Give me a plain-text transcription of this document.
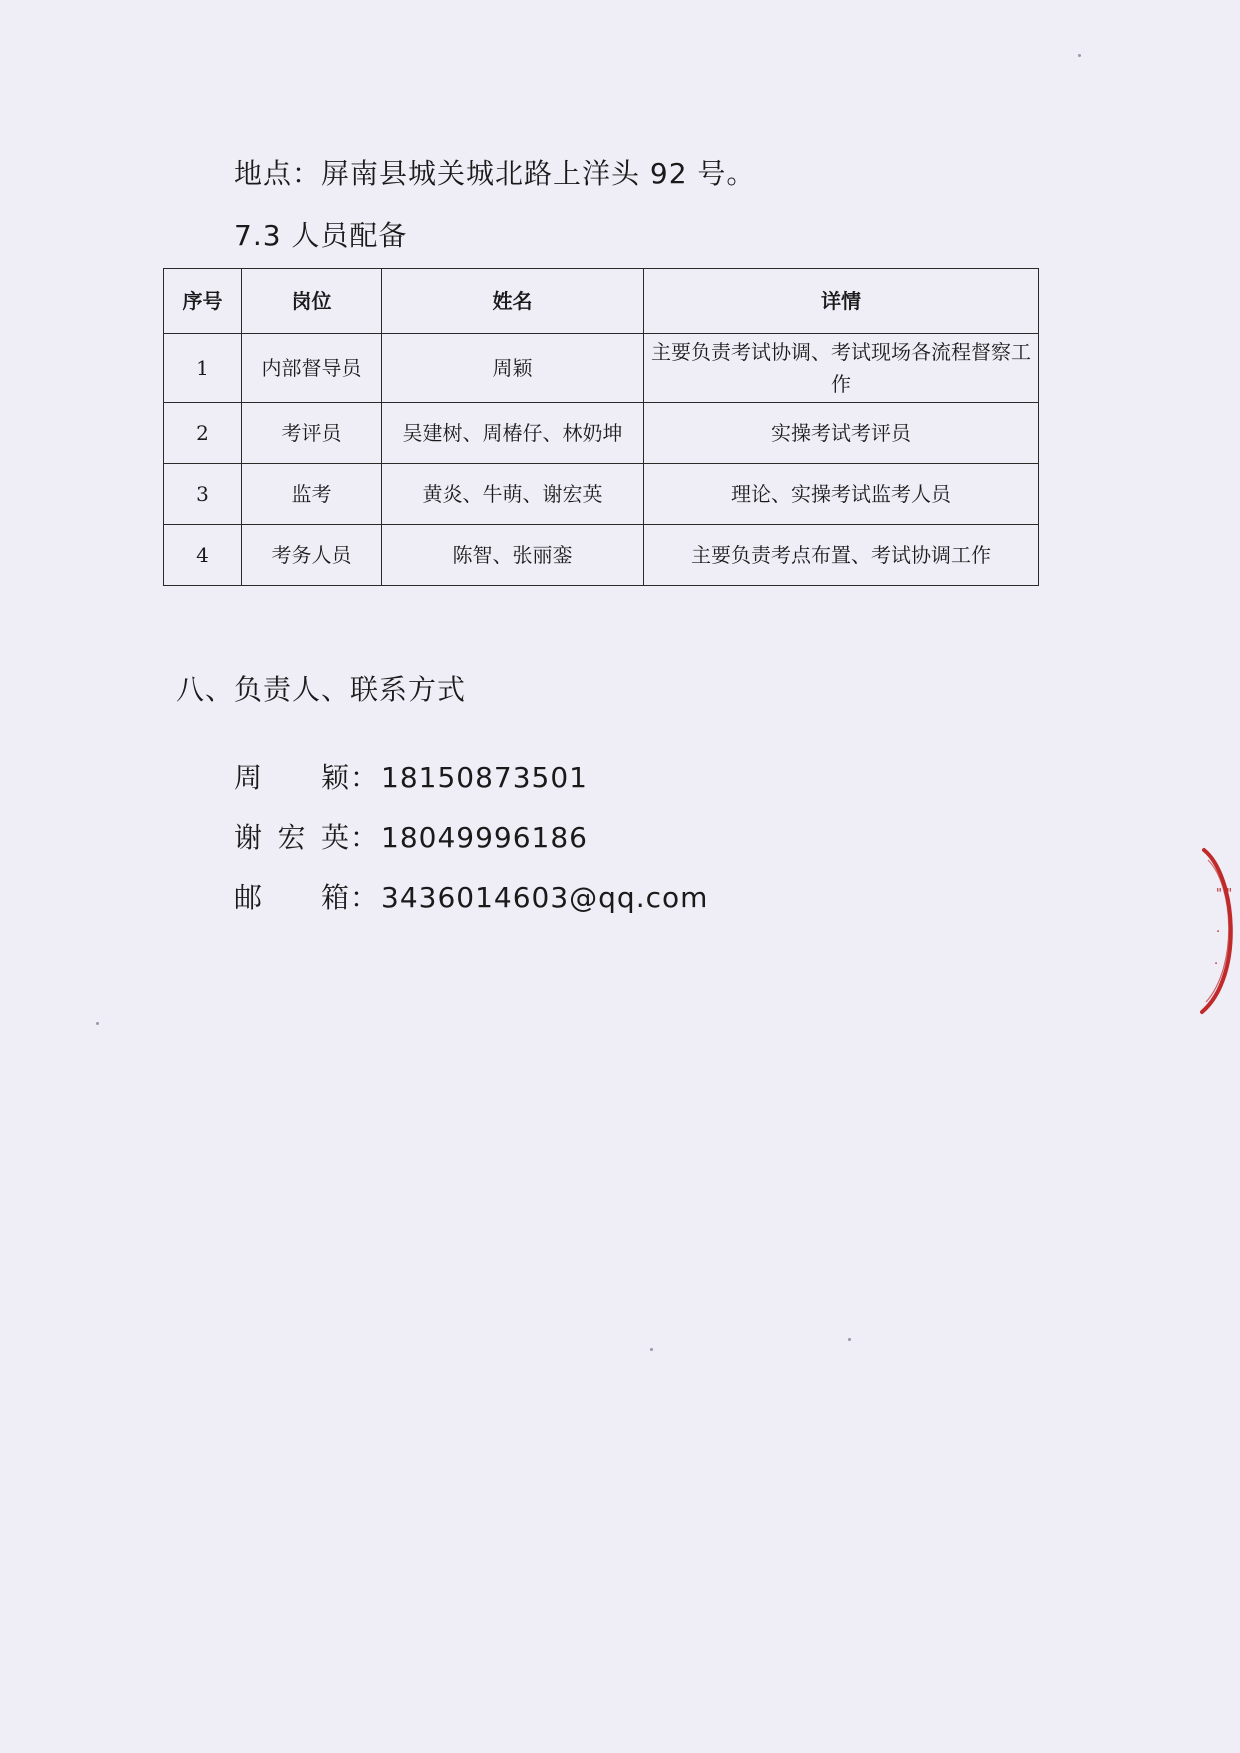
地点：屏南县城关城北路上洋头 92 号。
7.3 人员配备
序号	岗位	姓名	详情
1	内部督导员	周颖	主要负责考试协调、考试现场各流程督察工作
2	考评员	吴建树、周椿仔、林奶坤	实操考试考评员
3	监考	黄炎、牛萌、谢宏英	理论、实操考试监考人员
4	考务人员	陈智、张丽銮	主要负责考点布置、考试协调工作
八、负责人、联系方式
周颖：18150873501
谢宏英：18049996186
邮箱：3436014603@qq.com	" "
·
·
